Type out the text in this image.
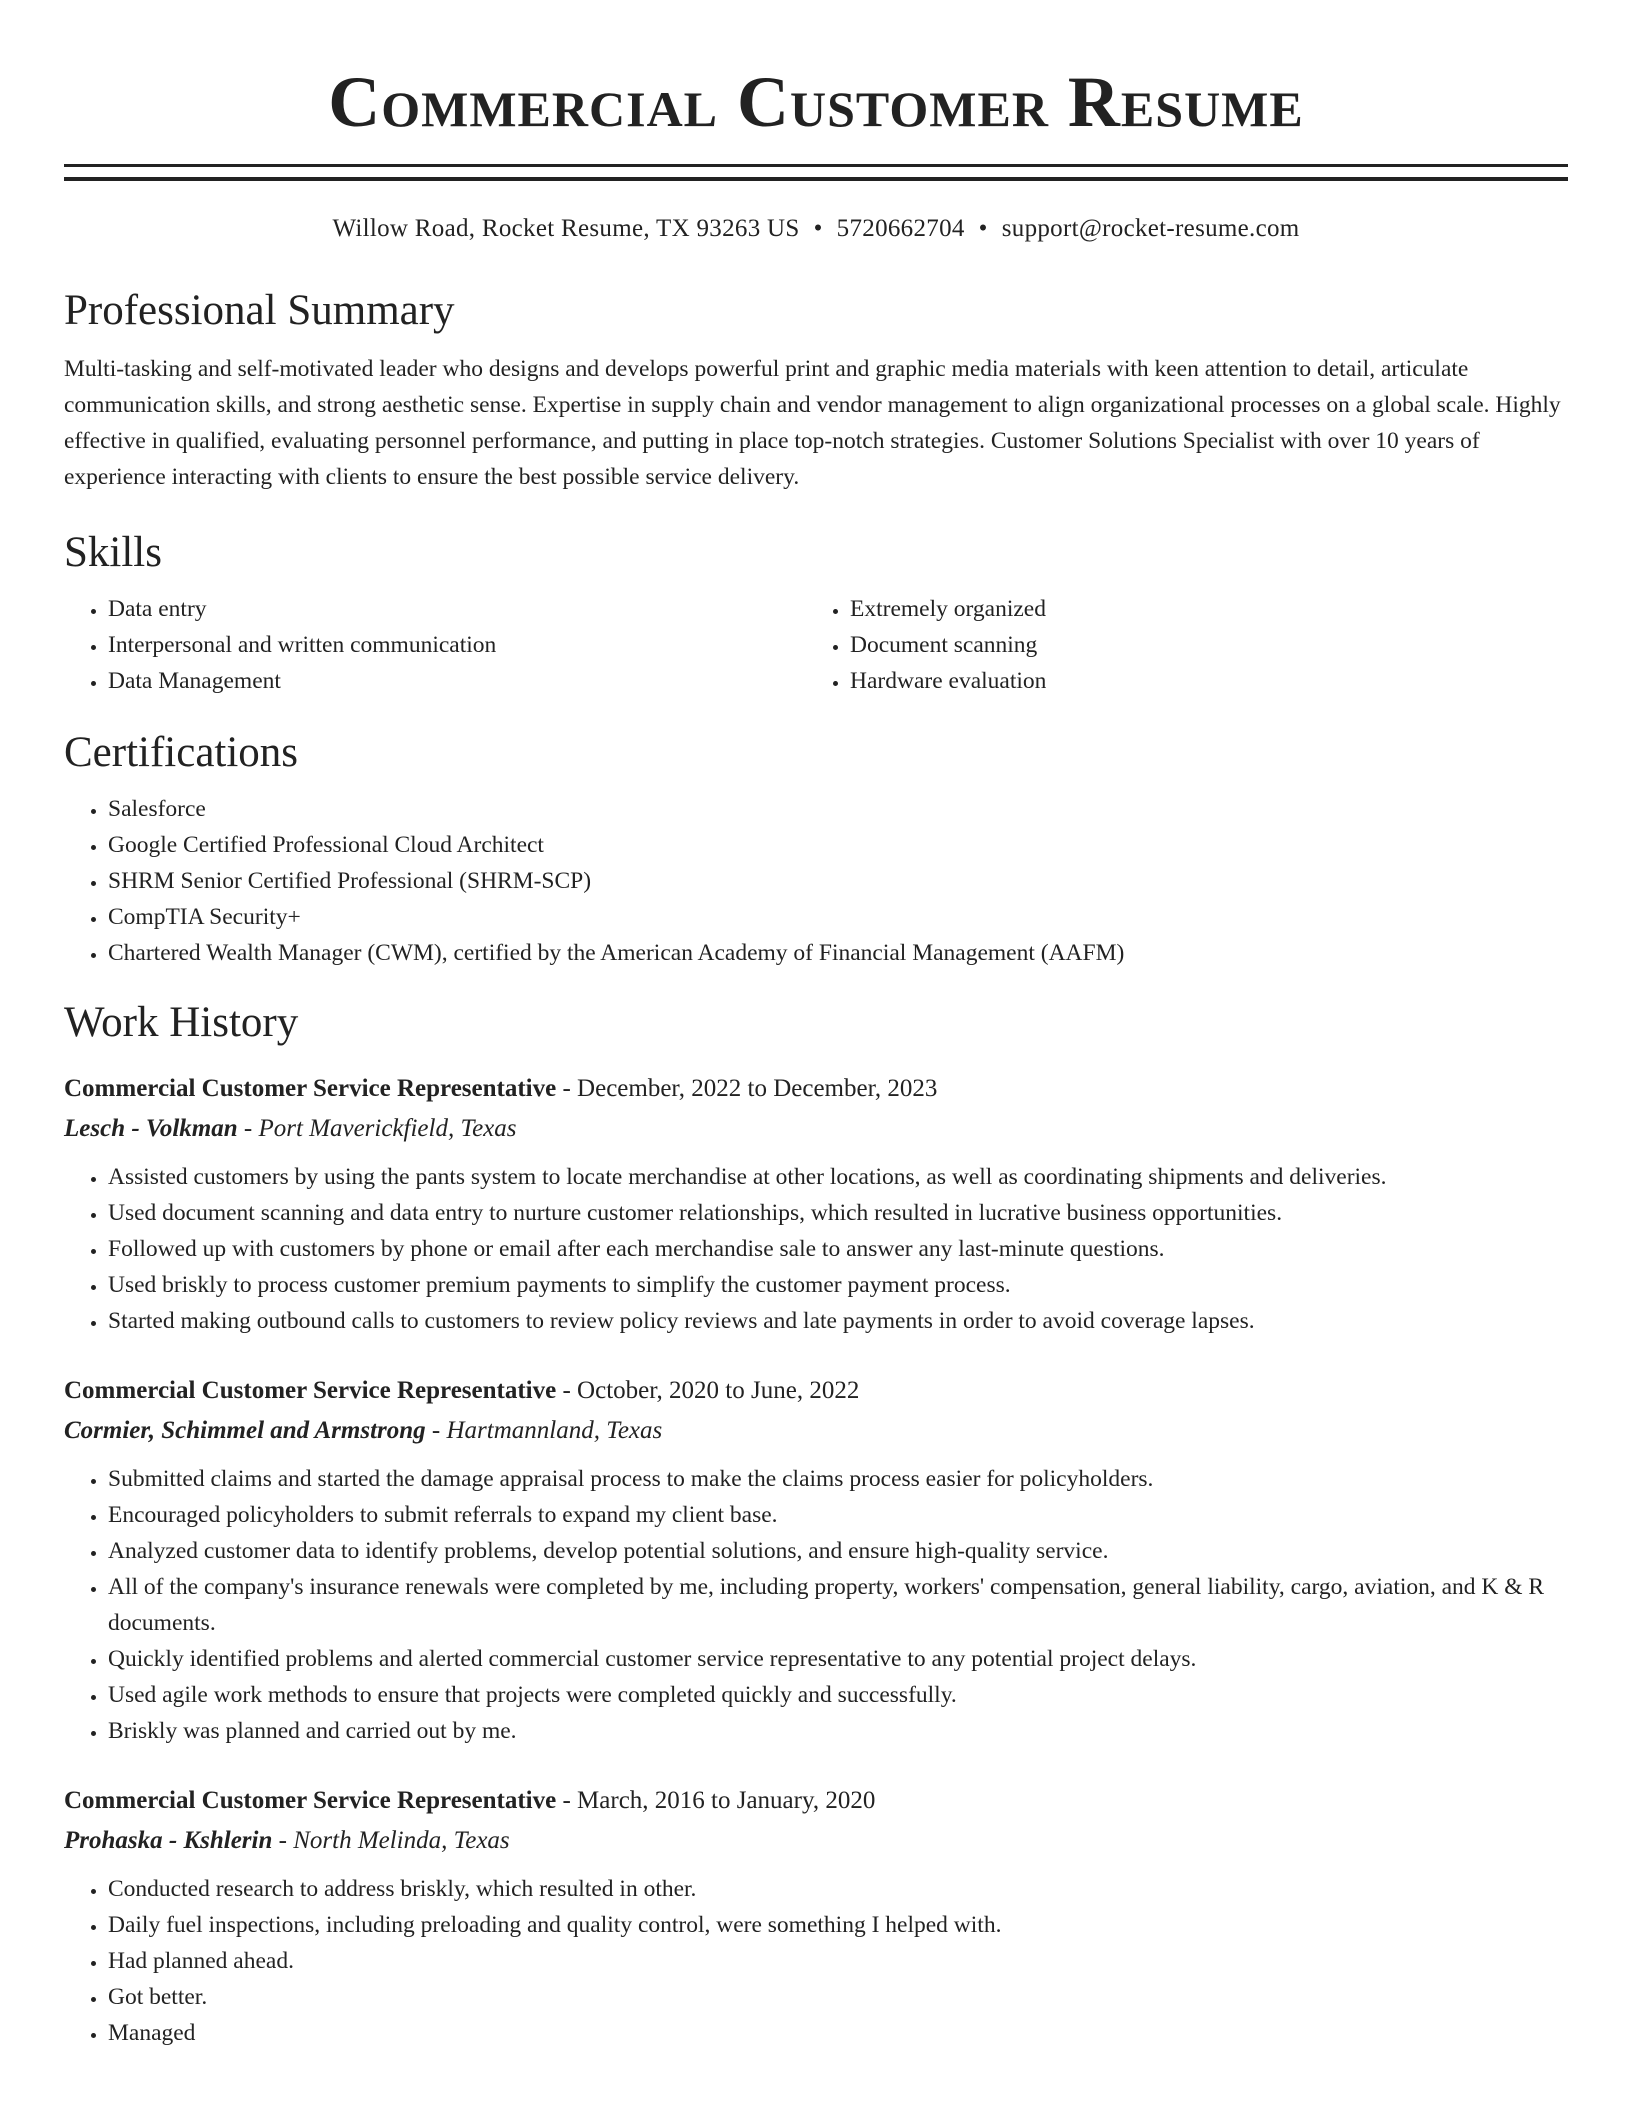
Commercial Customer Resume
Willow Road, Rocket Resume, TX 93263 US • 5720662704 • support@rocket-resume.com
Professional Summary

Multi-tasking and self-motivated leader who designs and develops powerful print and graphic media materials with keen attention to detail, articulate communication skills, and strong aesthetic sense. Expertise in supply chain and vendor management to align organizational processes on a global scale. Highly effective in qualified, evaluating personnel performance, and putting in place top-notch strategies. Customer Solutions Specialist with over 10 years of experience interacting with clients to ensure the best possible service delivery.

Skills
• Data entry
• Interpersonal and written communication
• Data Management
• Extremely organized
• Document scanning
• Hardware evaluation
Certifications
• Salesforce
• Google Certified Professional Cloud Architect
• SHRM Senior Certified Professional (SHRM-SCP)
• CompTIA Security+
• Chartered Wealth Manager (CWM), certified by the American Academy of Financial Management (AAFM)
Work History

Commercial Customer Service Representative - December, 2022 to December, 2023

Lesch - Volkman - Port Maverickfield, Texas

• Assisted customers by using the pants system to locate merchandise at other locations, as well as coordinating shipments and deliveries.
• Used document scanning and data entry to nurture customer relationships, which resulted in lucrative business opportunities.
• Followed up with customers by phone or email after each merchandise sale to answer any last-minute questions.
• Used briskly to process customer premium payments to simplify the customer payment process.
• Started making outbound calls to customers to review policy reviews and late payments in order to avoid coverage lapses.

Commercial Customer Service Representative - October, 2020 to June, 2022

Cormier, Schimmel and Armstrong - Hartmannland, Texas

• Submitted claims and started the damage appraisal process to make the claims process easier for policyholders.
• Encouraged policyholders to submit referrals to expand my client base.
• Analyzed customer data to identify problems, develop potential solutions, and ensure high-quality service.
• All of the company's insurance renewals were completed by me, including property, workers' compensation, general liability, cargo, aviation, and K & R documents.
• Quickly identified problems and alerted commercial customer service representative to any potential project delays.
• Used agile work methods to ensure that projects were completed quickly and successfully.
• Briskly was planned and carried out by me.

Commercial Customer Service Representative - March, 2016 to January, 2020

Prohaska - Kshlerin - North Melinda, Texas

• Conducted research to address briskly, which resulted in other.
• Daily fuel inspections, including preloading and quality control, were something I helped with.
• Had planned ahead.
• Got better.
• Managed
